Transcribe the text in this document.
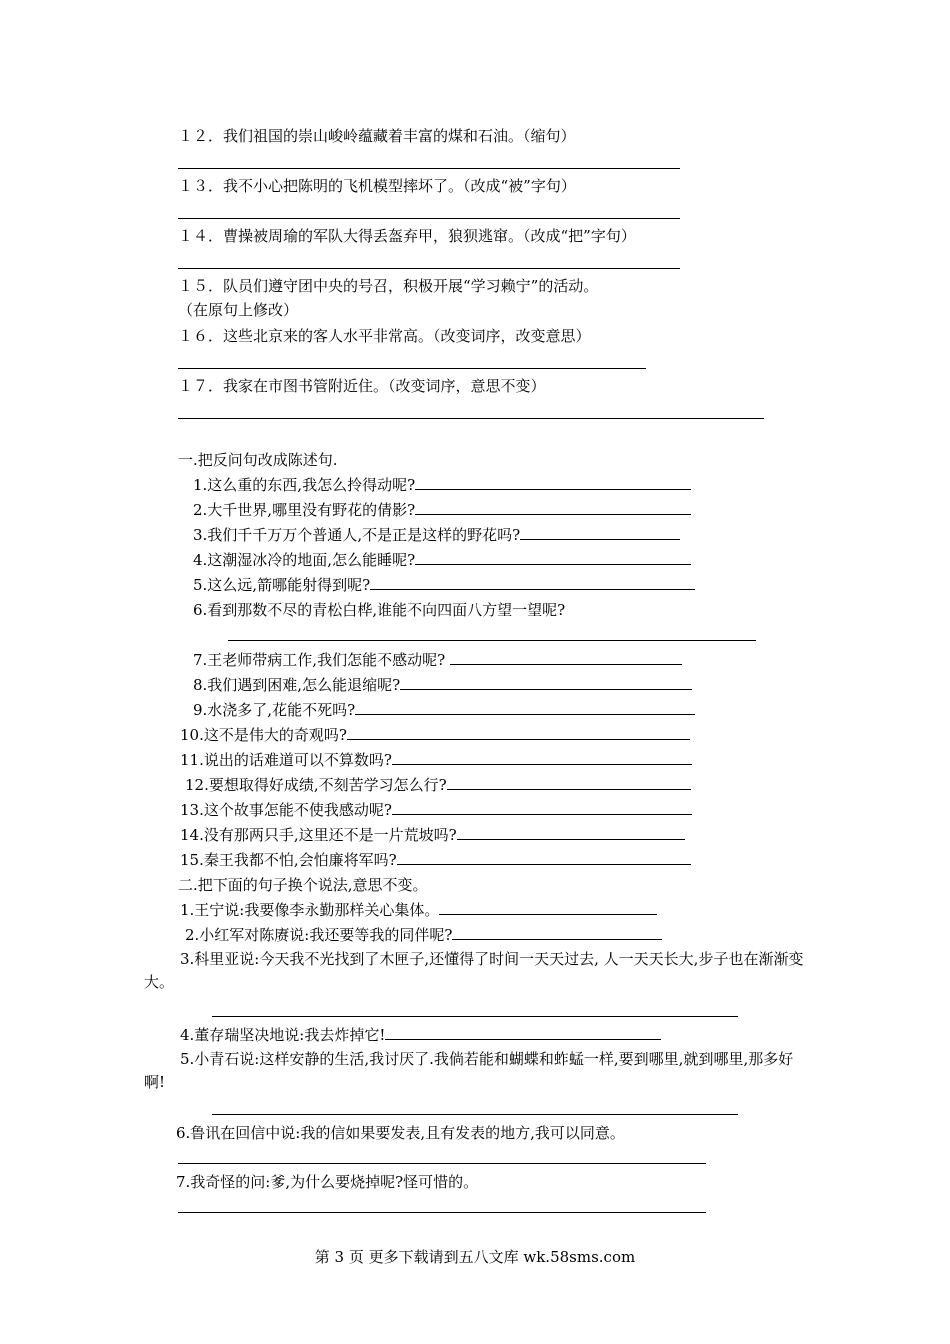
１２．我们祖国的崇山峻岭蕴藏着丰富的煤和石油。（缩句）
１３．我不小心把陈明的飞机模型摔坏了。（改成“被”字句）
１４．曹操被周瑜的军队大得丢盔弃甲，狼狈逃窜。（改成“把”字句）
１５．队员们遵守团中央的号召，积极开展“学习赖宁”的活动。
（在原句上修改）
１６．这些北京来的客人水平非常高。（改变词序，改变意思）
１７．我家在市图书管附近住。（改变词序，意思不变）
一.把反问句改成陈述句.
1.这么重的东西,我怎么拎得动呢?
2.大千世界,哪里没有野花的倩影?
3.我们千千万万个普通人,不是正是这样的野花吗?
4.这潮湿冰冷的地面,怎么能睡呢?
5.这么远,箭哪能射得到呢?
6.看到那数不尽的青松白桦,谁能不向四面八方望一望呢?
7.王老师带病工作,我们怎能不感动呢?
8.我们遇到困难,怎么能退缩呢?
9.水浇多了,花能不死吗?
10.这不是伟大的奇观吗?
11.说出的话难道可以不算数吗?
12.要想取得好成绩,不刻苦学习怎么行?
13.这个故事怎能不使我感动呢?
14.没有那两只手,这里还不是一片荒坡吗?
15.秦王我都不怕,会怕廉将军吗?
二.把下面的句子换个说法,意思不变。
1.王宁说:我要像李永勤那样关心集体。
2.小红军对陈赓说:我还要等我的同伴呢?
3.科里亚说:今天我不光找到了木匣子,还懂得了时间一天天过去, 人一天天长大,步子也在渐渐变大。
4.董存瑞坚决地说:我去炸掉它!
5.小青石说:这样安静的生活,我讨厌了.我倘若能和蝴蝶和蚱蜢一样,要到哪里,就到哪里,那多好啊!
6.鲁讯在回信中说:我的信如果要发表,且有发表的地方,我可以同意。
7.我奇怪的问:爹,为什么要烧掉呢?怪可惜的。
第 3 页 更多下载请到五八文库 wk.58sms.com
